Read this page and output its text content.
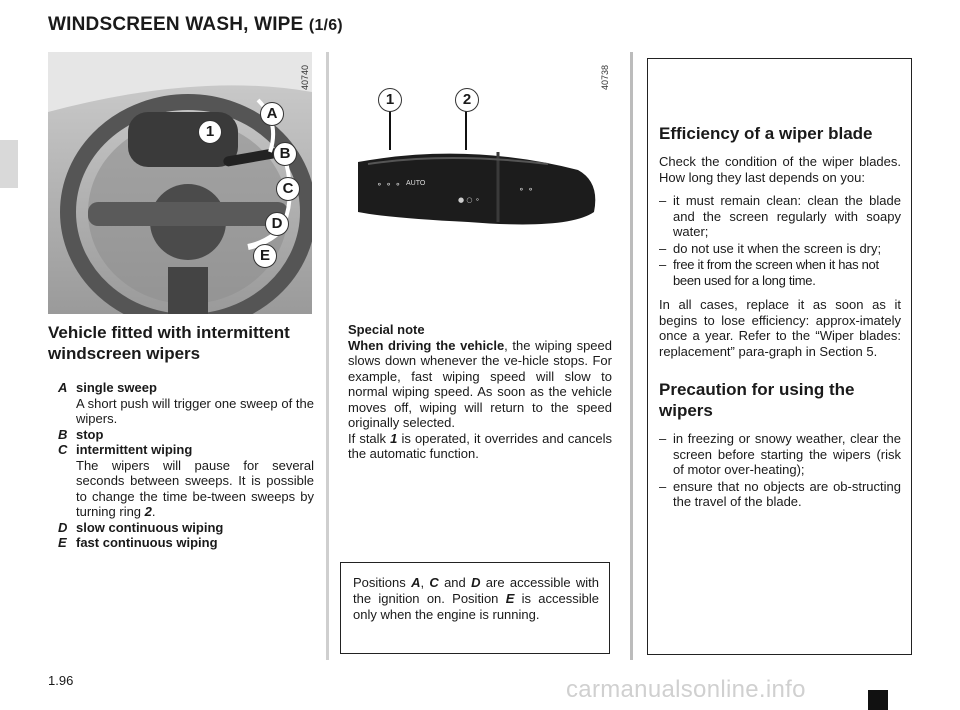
WINDSCREEN WASH, WIPE (1/6)
1
A
B
C
D
E
40740
⚬ ⚬ ⚬
● ○ ⚬
⚬ ⚬
1	2
AUTO
40738
Vehicle fitted with intermittent
windscreen wipers
A single sweep
A short push will trigger one sweep of the wipers.
B stop
C intermittent wiping
The wipers will pause for several seconds between sweeps. It is possible to change the time be-tween sweeps by turning ring 2.
D slow continuous wiping
E fast continuous wiping
Special note
When driving the vehicle, the wiping speed slows down whenever the ve-hicle stops. For example, fast wiping speed will slow to normal wiping speed. As soon as the vehicle moves off, wiping will return to the speed originally selected.
If stalk 1 is operated, it overrides and cancels the automatic function.

Positions A, C and D are accessible with the ignition on. Position E is accessible only when the engine is running.

Efficiency of a wiper blade

Check the condition of the wiper blades. How long they last depends on you:

– it must remain clean: clean the blade and the screen regularly with soapy water;
– do not use it when the screen is dry;
– free it from the screen when it has not been used for a long time.

In all cases, replace it as soon as it begins to lose efficiency: approx-imately once a year. Refer to the “Wiper blades: replacement” para-graph in Section 5.

Precaution for using the
wipers
– in freezing or snowy weather, clear the screen before starting the wipers (risk of motor over-heating);
– ensure that no objects are ob-structing the travel of the blade.
1.96	carmanualsonline.info
